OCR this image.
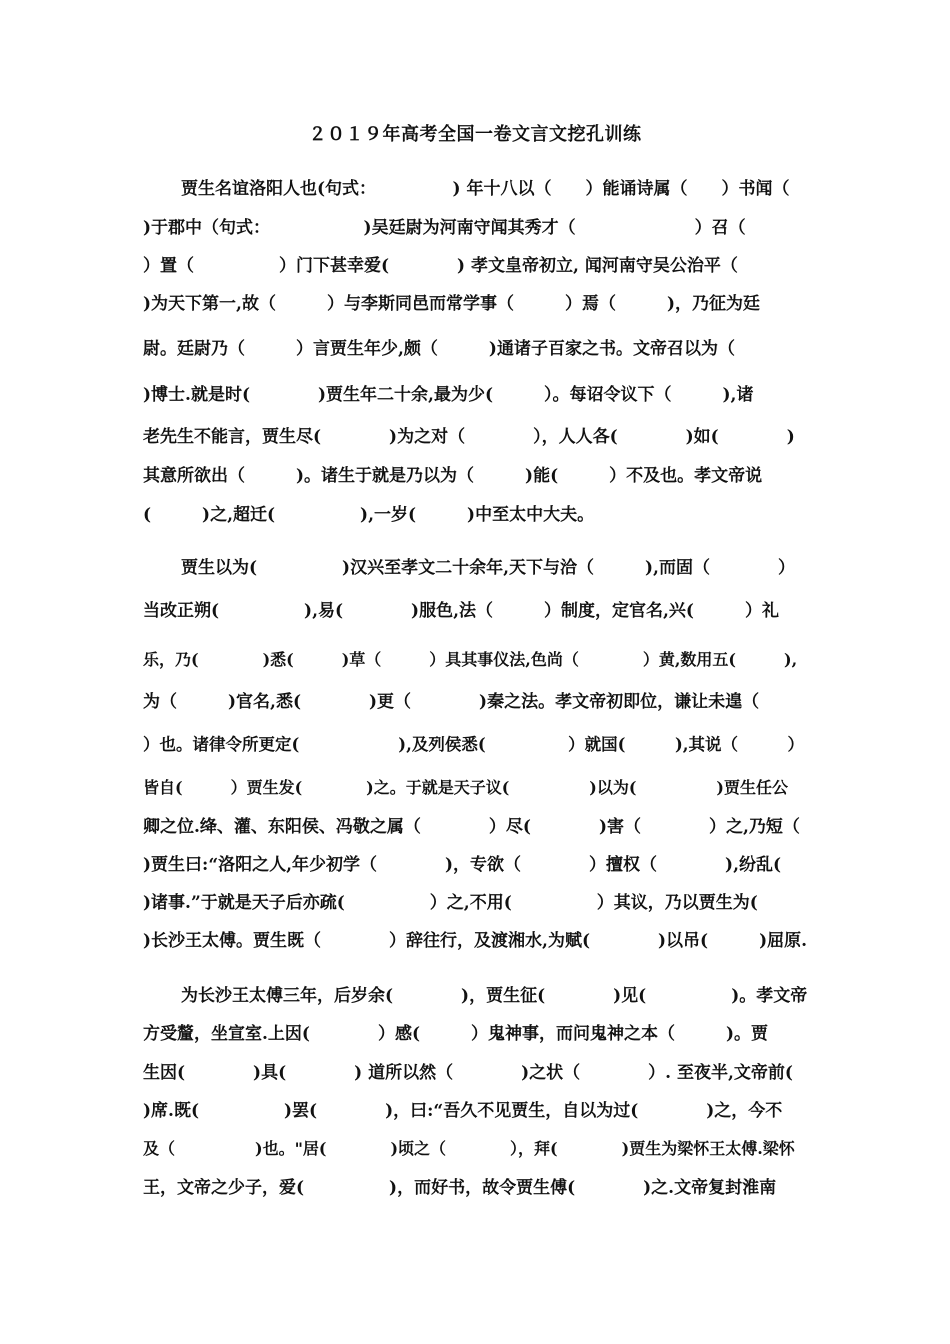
２０１９年高考全国一卷文言文挖孔训练
贾生名谊洛阳人也(句式：　　　　　) 年十八以（　　）能诵诗属（　　）书闻（
)于郡中（句式：　　　　　　)吴廷尉为河南守闻其秀才（　　　　　　　）召（
）置（　　　　　）门下甚幸爱(　　　　) 孝文皇帝初立, 闻河南守吴公治平（
)为天下第一,故（　　　）与李斯同邑而常学事（　　　）焉（　　　)，乃征为廷
尉。廷尉乃（　　　）言贾生年少,颇（　　　)通诸子百家之书。文帝召以为（
)博士.就是时(　　　　)贾生年二十余,最为少(　　　）。每诏令议下（　　　),诸
老先生不能言，贾生尽(　　　　)为之对（　　　　），人人各(　　　　)如(　　　　)
其意所欲出（　　　)。诸生于就是乃以为（　　　)能(　　　）不及也。孝文帝说
(　　　)之,超迁(　　　　　),一岁(　　　)中至太中大夫。
贾生以为(　　　　　)汉兴至孝文二十余年,天下与洽（　　　),而固（　　　　）
当改正朔(　　　　　),易(　　　　)服色,法（　　　）制度，定官名,兴(　　　）礼
乐，乃(　　　　)悉(　　　)草（　　　）具其事仪法,色尚（　　　　）黄,数用五(　　　),
为（　　　)官名,悉(　　　　)更（　　　　)秦之法。孝文帝初即位，谦让未遑（
）也。诸律令所更定(　　　　　　),及列侯悉(　　　　　）就国(　　　),其说（　　　）
皆自(　　　）贾生发(　　　　)之。于就是天子议(　　　　　)以为(　　　　　)贾生任公
卿之位.绛、灌、东阳侯、冯敬之属（　　　　）尽(　　　　)害（　　　　）之,乃短（
)贾生曰:“洛阳之人,年少初学（　　　　)，专欲（　　　　）擅权（　　　　),纷乱(
)诸事.”于就是天子后亦疏(　　　　　）之,不用(　　　　　）其议，乃以贾生为(
)长沙王太傅。贾生既（　　　　）辞往行，及渡湘水,为赋(　　　　)以吊(　　　)屈原.
为长沙王太傅三年，后岁余(　　　　)，贾生征(　　　　)见(　　　　　)。孝文帝
方受釐，坐宣室.上因(　　　　）感(　　　）鬼神事，而问鬼神之本（　　　)。贾
生因(　　　　)具(　　　　) 道所以然（　　　　)之状（　　　　）. 至夜半,文帝前(
)席.既(　　　　　)罢(　　　　)，曰:“吾久不见贾生，自以为过(　　　　)之，今不
及（　　　　　)也。"居(　　　　)顷之（　　　　），拜(　　　　)贾生为梁怀王太傅.梁怀
王，文帝之少子，爱(　　　　　)，而好书，故令贾生傅(　　　　)之.文帝复封淮南
